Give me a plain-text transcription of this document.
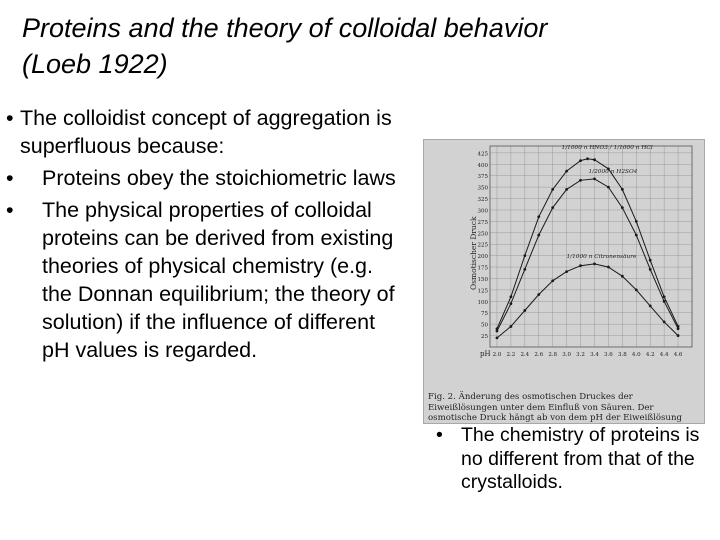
Proteins and the theory of colloidal behavior
(Loeb 1922)
• The colloidist concept of aggregation is superfluous because:
• Proteins obey the stoichiometric laws
• The physical properties of colloidal proteins can be derived from existing theories of physical chemistry (e.g. the Donnan equilibrium; the theory of solution) if the influence of different pH values is regarded.
425
400
375
350
325
300
275
250
225
200
175
150
125
100
75
50
25
2.0 2.2 2.4 2.6 2.8 3.0 3.2 3.4 3.6 3.8 4.0 4.2 4.4 4.6
Osmotischer Druck
pH
1/1000 n HNO3 / 1/1000 n HCl
1/2000 n H2SO4
1/1000 n Citronensäure
Fig. 2. Änderung des osmotischen Druckes der Eiweißlösungen unter dem Einfluß von Säuren. Der osmotische Druck hängt ab von dem pH der Eiweißlösung
• The chemistry of proteins is no different from that of the crystalloids.
